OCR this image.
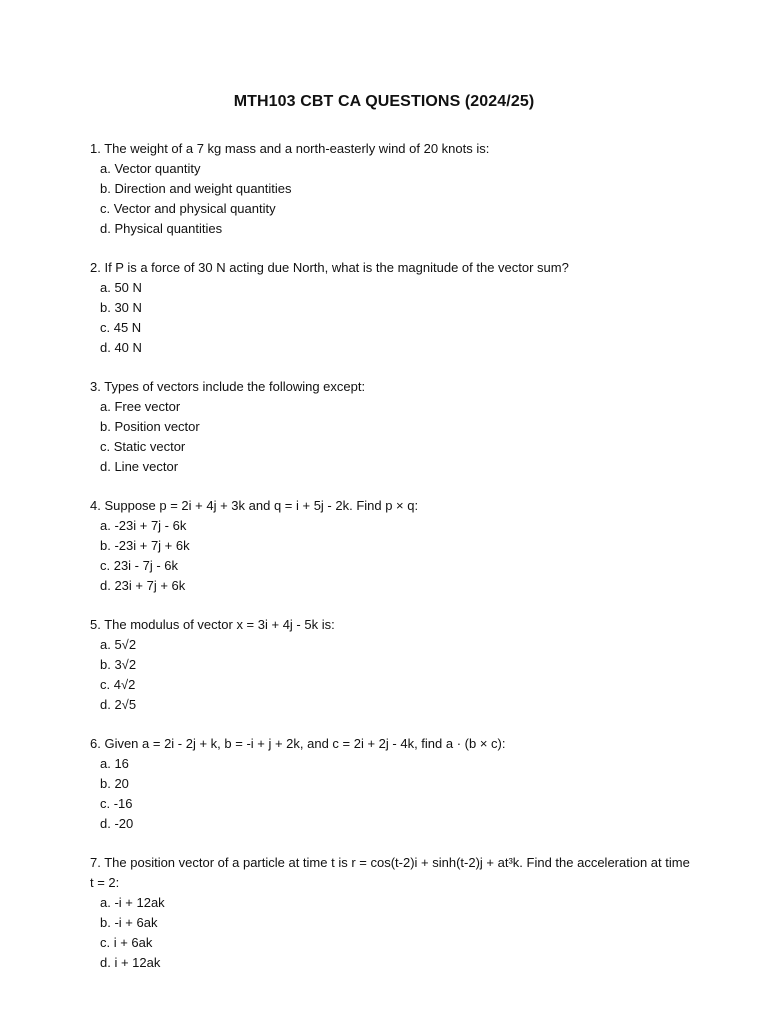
MTH103 CBT CA QUESTIONS (2024/25)

1. The weight of a 7 kg mass and a north-easterly wind of 20 knots is:

a. Vector quantity
b. Direction and weight quantities
c. Vector and physical quantity
d. Physical quantities

2. If P is a force of 30 N acting due North, what is the magnitude of the vector sum?

a. 50 N
b. 30 N
c. 45 N
d. 40 N

3. Types of vectors include the following except:

a. Free vector
b. Position vector
c. Static vector
d. Line vector

4. Suppose p = 2i + 4j + 3k and q = i + 5j - 2k. Find p × q:

a. -23i + 7j - 6k
b. -23i + 7j + 6k
c. 23i - 7j - 6k
d. 23i + 7j + 6k

5. The modulus of vector x = 3i + 4j - 5k is:

a. 5√2
b. 3√2
c. 4√2
d. 2√5

6. Given a = 2i - 2j + k, b = -i + j + 2k, and c = 2i + 2j - 4k, find a · (b × c):

a. 16
b. 20
c. -16
d. -20

7. The position vector of a particle at time t is r = cos(t-2)i + sinh(t-2)j + at³k. Find the acceleration at time t = 2:

a. -i + 12ak
b. -i + 6ak
c. i + 6ak
d. i + 12ak
